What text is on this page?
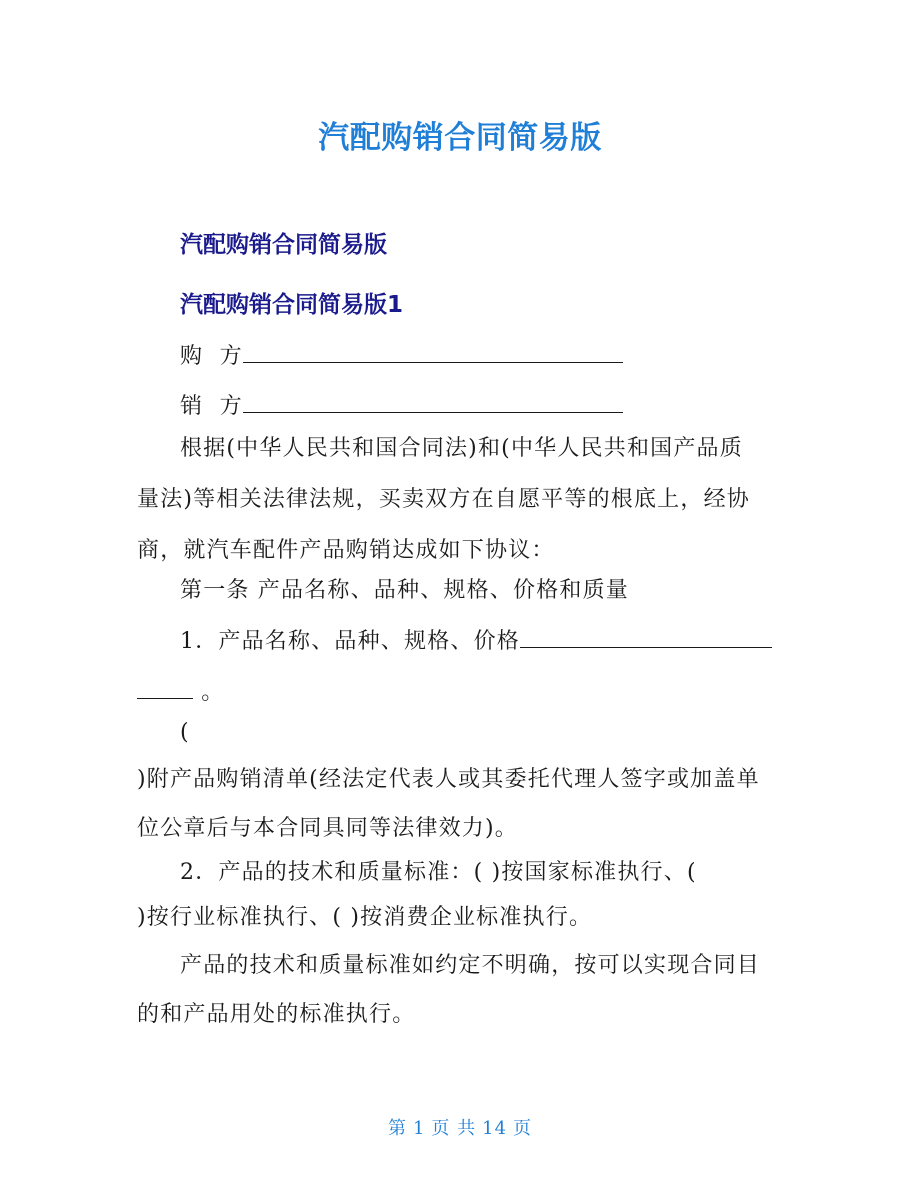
汽配购销合同简易版
汽配购销合同简易版
汽配购销合同简易版1
购  方
销  方
根据(中华人民共和国合同法)和(中华人民共和国产品质
量法)等相关法律法规，买卖双方在自愿平等的根底上，经协
商，就汽车配件产品购销达成如下协议：
第一条 产品名称、品种、规格、价格和质量
1．产品名称、品种、规格、价格
。
(
)附产品购销清单(经法定代表人或其委托代理人签字或加盖单
位公章后与本合同具同等法律效力)。
2．产品的技术和质量标准：( )按国家标准执行、(
)按行业标准执行、( )按消费企业标准执行。
产品的技术和质量标准如约定不明确，按可以实现合同目
的和产品用处的标准执行。
第 1 页 共 14 页
